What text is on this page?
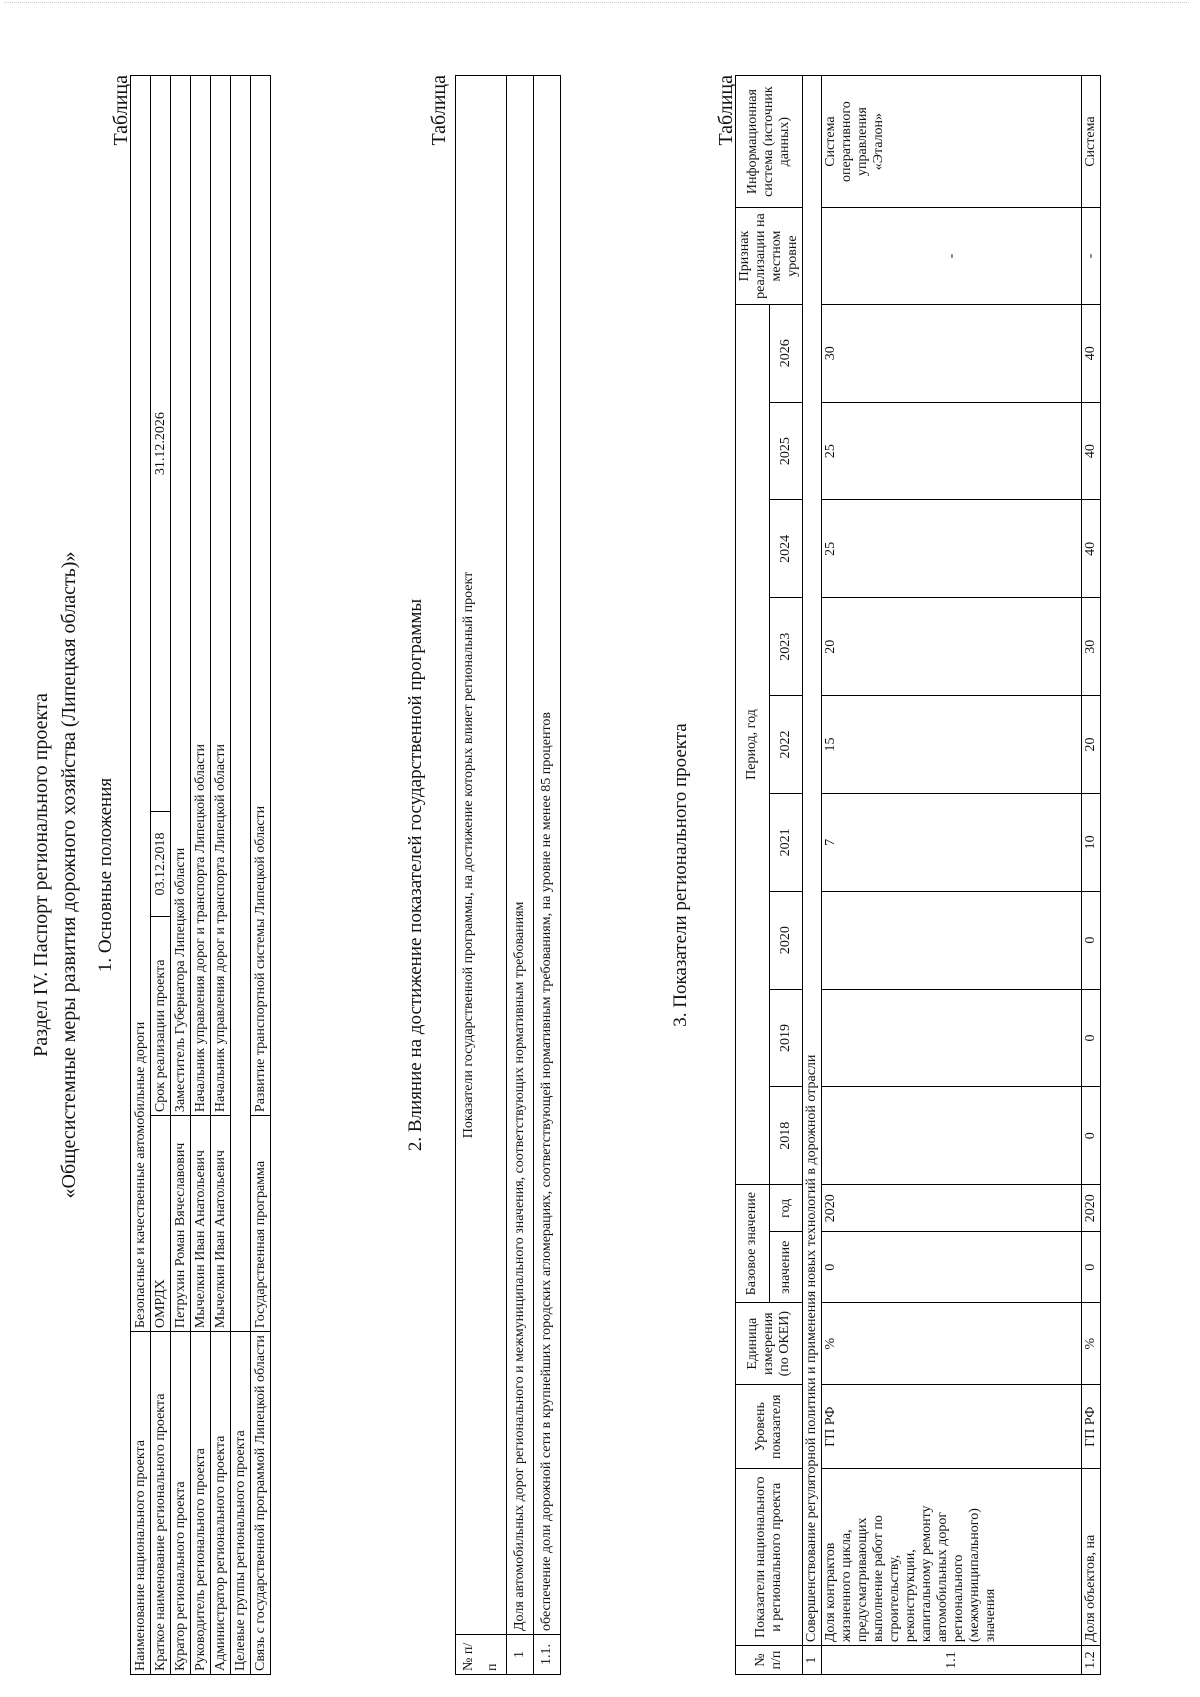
Раздел IV. Паспорт регионального проекта «Общесистемные меры развития дорожного хозяйства (Липецкая область)» 1. Основные положения
Таблица
Наименование национального проекта	Безопасные и качественные автомобильные дороги			
Краткое наименование регионального проекта	ОМРДХ	Срок реализации проекта	03.12.2018	31.12.2026
Куратор регионального проекта	Петрухин Роман Вячеславович	Заместитель Губернатора Липецкой области		
Руководитель регионального проекта	Мычелкин Иван Анатольевич	Начальник управления дорог и транспорта Липецкой области		
Администратор регионального проекта	Мычелкин Иван Анатольевич	Начальник управления дорог и транспорта Липецкой области		
Целевые группы регионального проекта				
Связь с государственной программой Липецкой области	Государственная программа	Развитие транспортной системы Липецкой области			2. Влияние на достижение показателей государственной программы
Таблица
№ п/п	Показатели государственной программы, на достижение которых влияет региональный проект
1	Доля автомобильных дорог регионального и межмуниципального значения, соответствующих нормативным требованиям
1.1.	обеспечение доли дорожной сети в крупнейших городских агломерациях, соответствующей нормативным требованиям, на уровне не менее 85 процентов	3. Показатели регионального проекта
Таблица
№ п/п	Показатели национального и регионального проекта	Уровень показателя	Единица измерения (по ОКЕИ)	Базовое значение		Период, год									Признак реализации на местном уровне	Информационная система (источник данных)
				значение	год	2018	2019	2020	2021	2022	2023	2024	2025	2026		
1	Совершенствование регуляторной политики и применения новых технологий в дорожной отрасли															
1.1	Доля контрактов жизненного цикла, предусматривающих выполнение работ по строительству, реконструкции, капитальному ремонту автомобильных дорог регионального (межмуниципального) значения	ГП РФ	%	0	2020				7	15	20	25	25	30	-	Система оперативного управления «Эталон»
1.2	Доля объектов, на	ГП РФ	%	0	2020	0	0	0	10	20	30	40	40	40	-	Система
